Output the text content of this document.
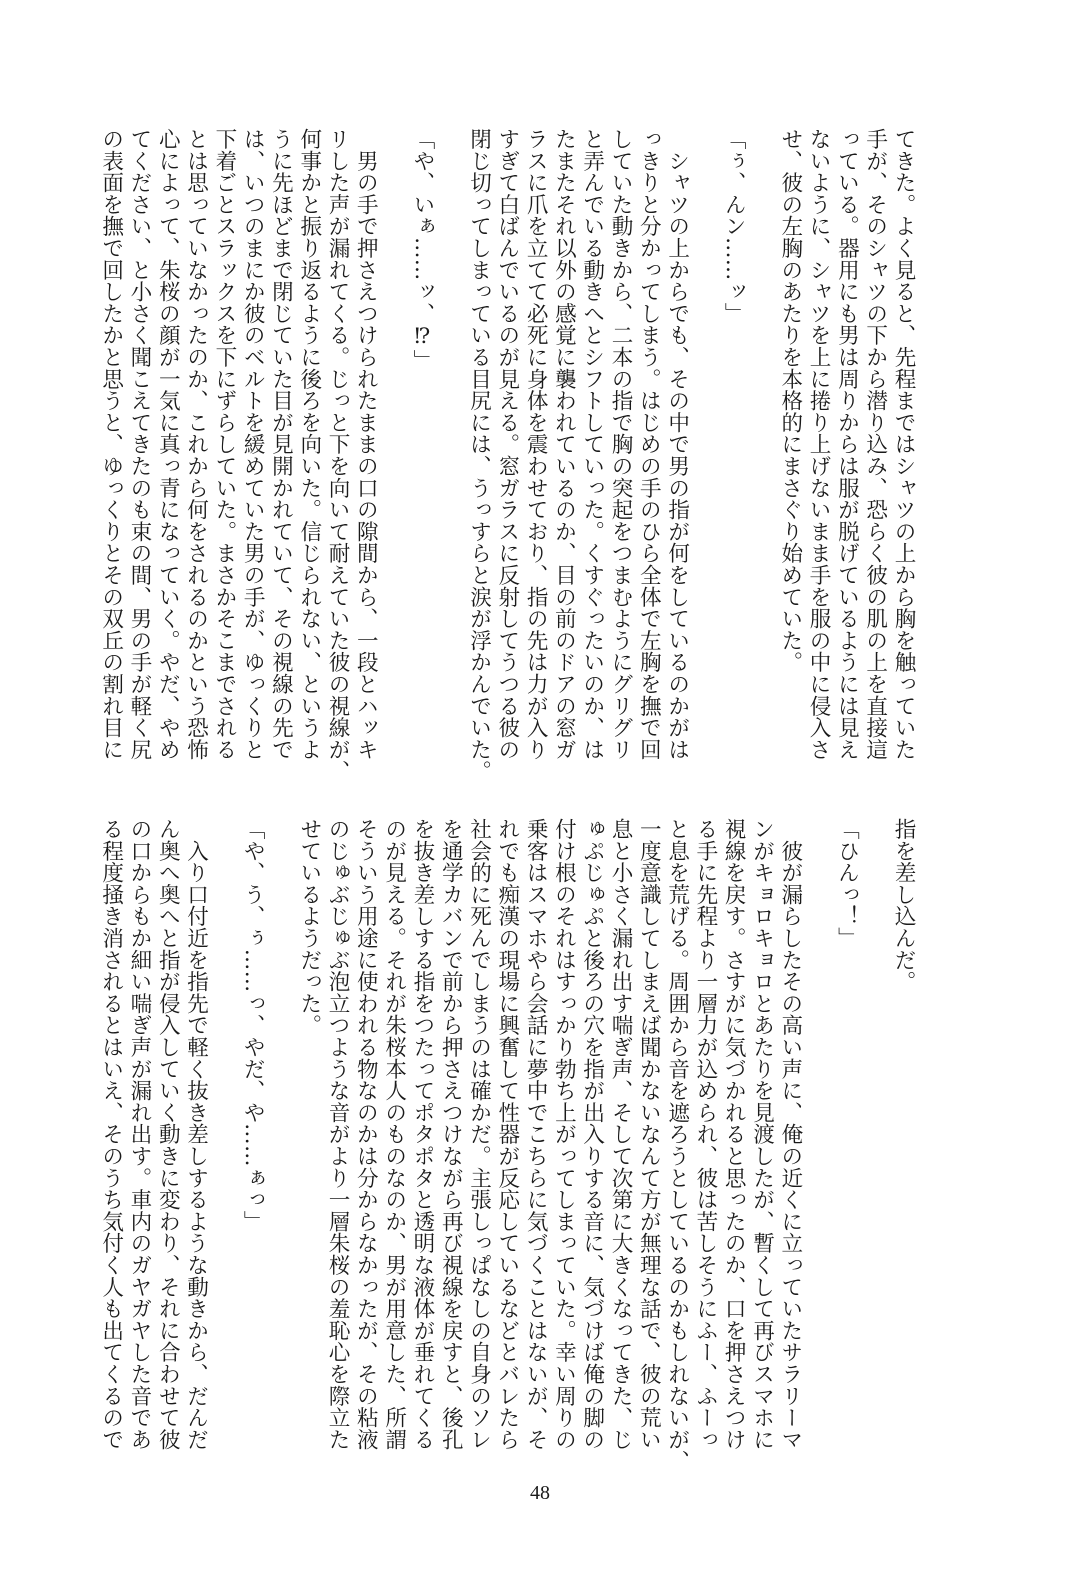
てきた。よく見ると、先程まではシャツの上から胸を触っていた
手が、そのシャツの下から潜り込み、恐らく彼の肌の上を直接這
っている。器用にも男は周りからは服が脱げているようには見え
ないように、シャツを上に捲り上げないまま手を服の中に侵入さ
せ、彼の左胸のあたりを本格的にまさぐり始めていた。
「ぅ、んン……ッ」
　シャツの上からでも、その中で男の指が何をしているのかがは
っきりと分かってしまう。はじめの手のひら全体で左胸を撫で回
していた動きから、二本の指で胸の突起をつまむようにグリグリ
と弄んでいる動きへとシフトしていった。くすぐったいのか、は
たまたそれ以外の感覚に襲われているのか、目の前のドアの窓ガ
ラスに爪を立てて必死に身体を震わせており、指の先は力が入り
すぎて白ばんでいるのが見える。窓ガラスに反射してうつる彼の
閉じ切ってしまっている目尻には、うっすらと涙が浮かんでいた。
「や、いぁ……ッ、⁉」
　男の手で押さえつけられたままの口の隙間から、一段とハッキ
リした声が漏れてくる。じっと下を向いて耐えていた彼の視線が、
何事かと振り返るように後ろを向いた。信じられない、というよ
うに先ほどまで閉じていた目が見開かれていて、その視線の先で
は、いつのまにか彼のベルトを緩めていた男の手が、ゆっくりと
下着ごとスラックスを下にずらしていた。まさかそこまでされる
とは思っていなかったのか、これから何をされるのかという恐怖
心によって、朱桜の顔が一気に真っ青になっていく。やだ、やめ
てください、と小さく聞こえてきたのも束の間、男の手が軽く尻
の表面を撫で回したかと思うと、ゆっくりとその双丘の割れ目に
指を差し込んだ。
「ひんっ！」
　彼が漏らしたその高い声に、俺の近くに立っていたサラリーマ
ンがキョロキョロとあたりを見渡したが、暫くして再びスマホに
視線を戻す。さすがに気づかれると思ったのか、口を押さえつけ
る手に先程より一層力が込められ、彼は苦しそうにふー、ふーっ
と息を荒げる。周囲から音を遮ろうとしているのかもしれないが、
一度意識してしまえば聞かないなんて方が無理な話で、彼の荒い
息と小さく漏れ出す喘ぎ声、そして次第に大きくなってきた、じ
ゅぷじゅぷと後ろの穴を指が出入りする音に、気づけば俺の脚の
付け根のそれはすっかり勃ち上がってしまっていた。幸い周りの
乗客はスマホやら会話に夢中でこちらに気づくことはないが、そ
れでも痴漢の現場に興奮して性器が反応しているなどとバレたら
社会的に死んでしまうのは確かだ。主張しっぱなしの自身のソレ
を通学カバンで前から押さえつけながら再び視線を戻すと、後孔
を抜き差しする指をつたってポタポタと透明な液体が垂れてくる
のが見える。それが朱桜本人のものなのか、男が用意した、所謂
そういう用途に使われる物なのかは分からなかったが、その粘液
のじゅぶじゅぶ泡立つような音がより一層朱桜の羞恥心を際立た
せているようだった。
「や、う、ぅ……っ、やだ、や……ぁっ」
　入り口付近を指先で軽く抜き差しするような動きから、だんだ
ん奥へ奥へと指が侵入していく動きに変わり、それに合わせて彼
の口からもか細い喘ぎ声が漏れ出す。車内のガヤガヤした音であ
る程度掻き消されるとはいえ、そのうち気付く人も出てくるので
48
